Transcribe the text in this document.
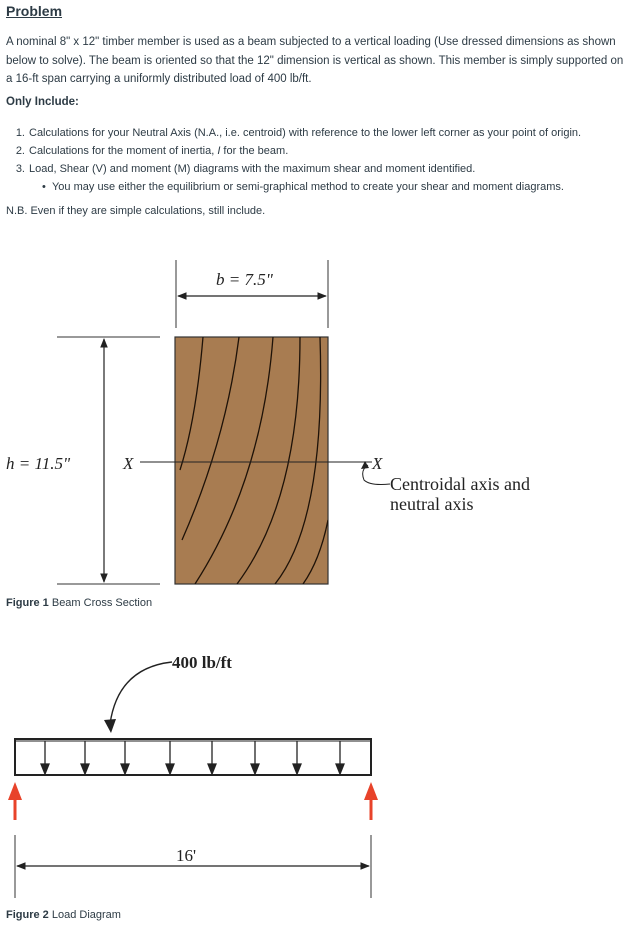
Problem
A nominal 8" x 12" timber member is used as a beam subjected to a vertical loading (Use dressed dimensions as shown below to solve). The beam is oriented so that the 12" dimension is vertical as shown. This member is simply supported on a 16-ft span carrying a uniformly distributed load of 400 lb/ft.
Only Include:
1. Calculations for your Neutral Axis (N.A., i.e. centroid) with reference to the lower left corner as your point of origin.
2. Calculations for the moment of inertia, I for the beam.
3. Load, Shear (V) and moment (M) diagrams with the maximum shear and moment identified.
• You may use either the equilibrium or semi-graphical method to create your shear and moment diagrams.
N.B. Even if they are simple calculations, still include.
b = 7.5"
X	X
Centroidal axis and
neutral axis
h = 11.5"
Figure 1 Beam Cross Section
400 lb/ft
16'
Figure 2 Load Diagram
